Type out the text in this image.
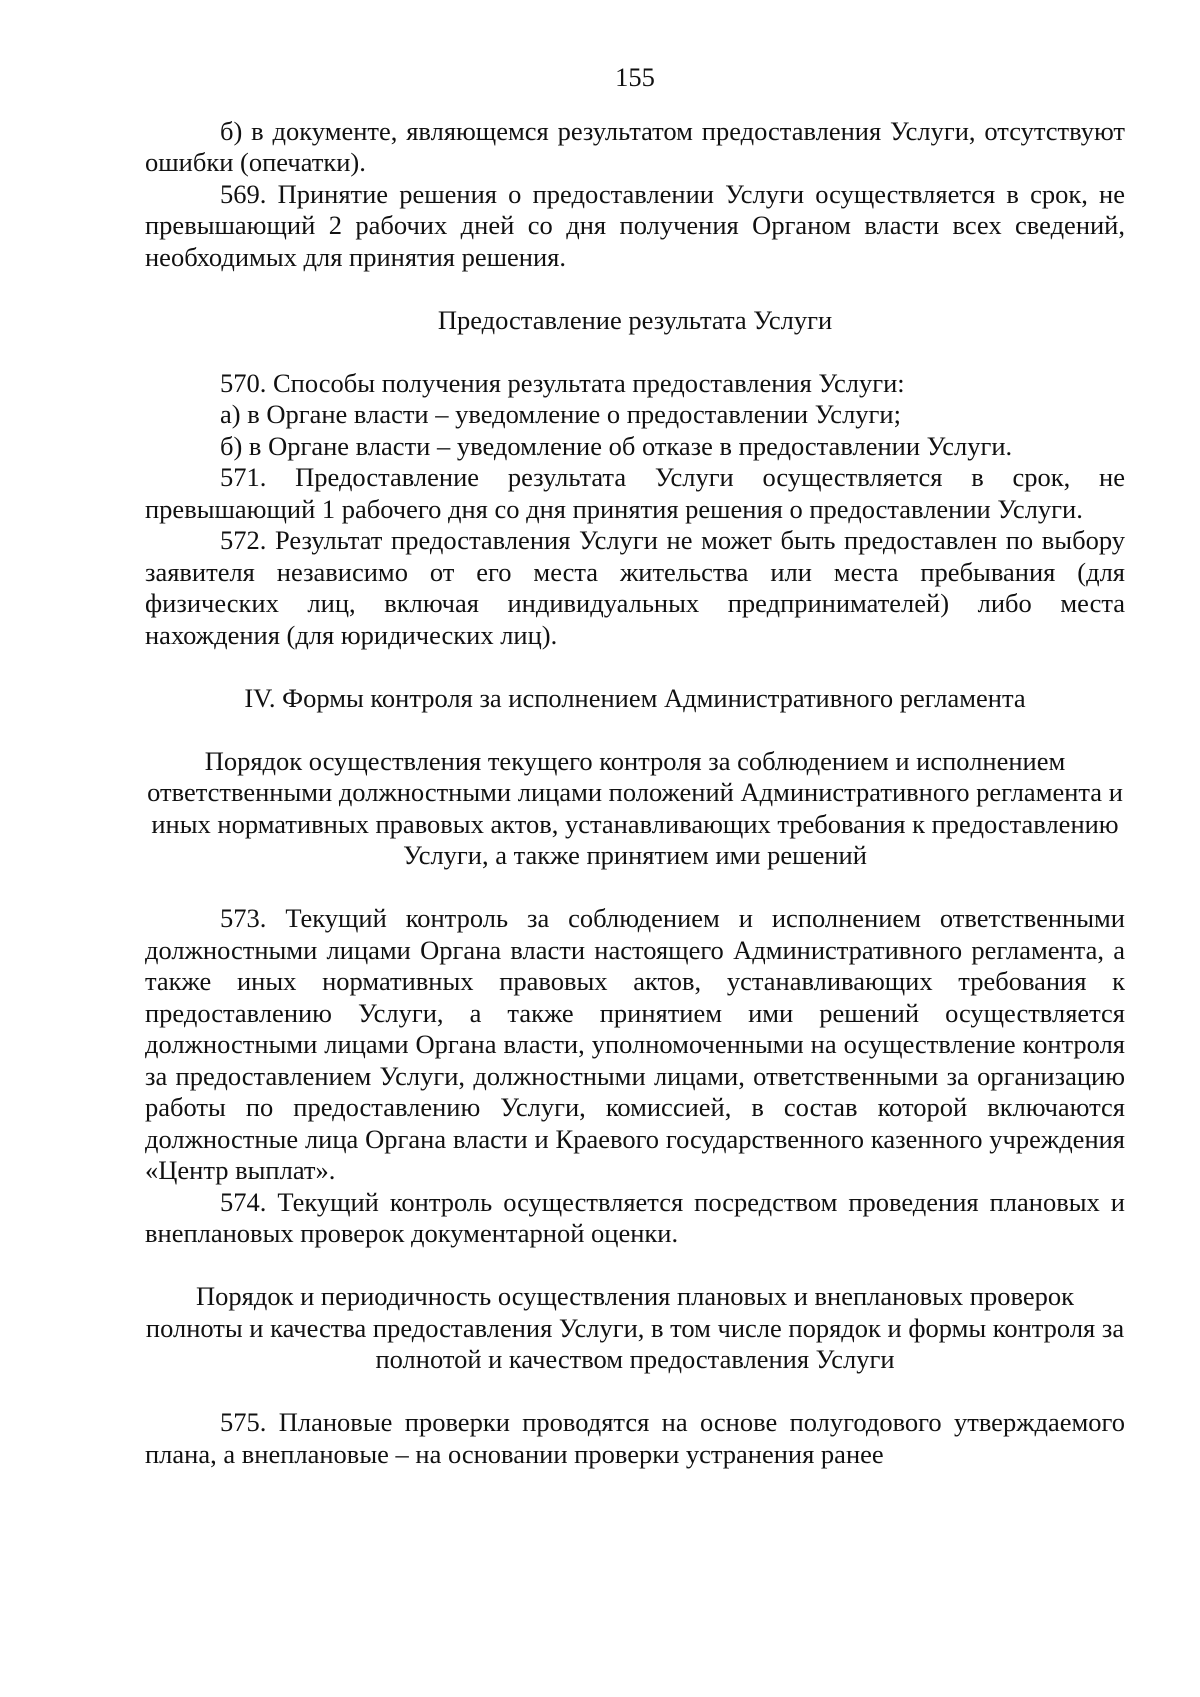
155

б) в документе, являющемся результатом предоставления Услуги, отсутствуют ошибки (опечатки).

569. Принятие решения о предоставлении Услуги осуществляется в срок, не превышающий 2 рабочих дней со дня получения Органом власти всех сведений, необходимых для принятия решения.

Предоставление результата Услуги

570. Способы получения результата предоставления Услуги:

а) в Органе власти – уведомление о предоставлении Услуги;

б) в Органе власти – уведомление об отказе в предоставлении Услуги.

571. Предоставление результата Услуги осуществляется в срок, не превышающий 1 рабочего дня со дня принятия решения о предоставлении Услуги.

572. Результат предоставления Услуги не может быть предоставлен по выбору заявителя независимо от его места жительства или места пребывания (для физических лиц, включая индивидуальных предпринимателей) либо места нахождения (для юридических лиц).

IV. Формы контроля за исполнением Административного регламента

Порядок осуществления текущего контроля за соблюдением и исполнением ответственными должностными лицами положений Административного регламента и иных нормативных правовых актов, устанавливающих требования к предоставлению Услуги, а также принятием ими решений

573. Текущий контроль за соблюдением и исполнением ответственными должностными лицами Органа власти настоящего Административного регламента, а также иных нормативных правовых актов, устанавливающих требования к предоставлению Услуги, а также принятием ими решений осуществляется должностными лицами Органа власти, уполномоченными на осуществление контроля за предоставлением Услуги, должностными лицами, ответственными за организацию работы по предоставлению Услуги, комиссией, в состав которой включаются должностные лица Органа власти и Краевого государственного казенного учреждения «Центр выплат».

574. Текущий контроль осуществляется посредством проведения плановых и внеплановых проверок документарной оценки.

Порядок и периодичность осуществления плановых и внеплановых проверок полноты и качества предоставления Услуги, в том числе порядок и формы контроля за полнотой и качеством предоставления Услуги

575. Плановые проверки проводятся на основе полугодового утверждаемого плана, а внеплановые – на основании проверки устранения ранее
